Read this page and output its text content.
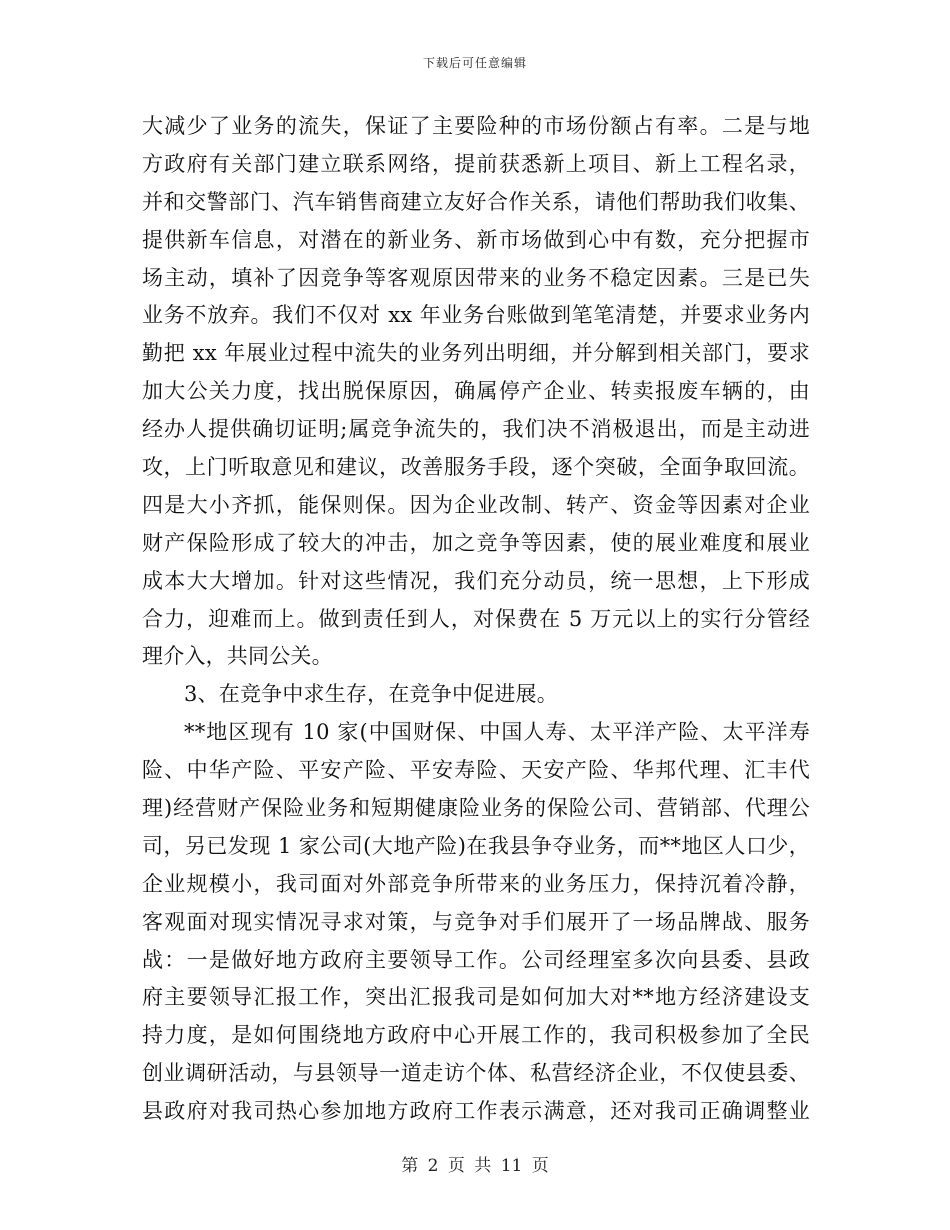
下载后可任意编辑
大减少了业务的流失，保证了主要险种的市场份额占有率。二是与地
方政府有关部门建立联系网络，提前获悉新上项目、新上工程名录，
并和交警部门、汽车销售商建立友好合作关系，请他们帮助我们收集、
提供新车信息，对潜在的新业务、新市场做到心中有数，充分把握市
场主动，填补了因竞争等客观原因带来的业务不稳定因素。三是已失
业务不放弃。我们不仅对 xx 年业务台账做到笔笔清楚，并要求业务内
勤把 xx 年展业过程中流失的业务列出明细，并分解到相关部门，要求
加大公关力度，找出脱保原因，确属停产企业、转卖报废车辆的，由
经办人提供确切证明;属竞争流失的，我们决不消极退出，而是主动进
攻，上门听取意见和建议，改善服务手段，逐个突破，全面争取回流。
四是大小齐抓，能保则保。因为企业改制、转产、资金等因素对企业
财产保险形成了较大的冲击，加之竞争等因素，使的展业难度和展业
成本大大增加。针对这些情况，我们充分动员，统一思想，上下形成
合力，迎难而上。做到责任到人，对保费在 5 万元以上的实行分管经
理介入，共同公关。
3、在竞争中求生存，在竞争中促进展。
**地区现有 10 家(中国财保、中国人寿、太平洋产险、太平洋寿
险、中华产险、平安产险、平安寿险、天安产险、华邦代理、汇丰代
理)经营财产保险业务和短期健康险业务的保险公司、营销部、代理公
司，另已发现 1 家公司(大地产险)在我县争夺业务，而**地区人口少，
企业规模小，我司面对外部竞争所带来的业务压力，保持沉着冷静，
客观面对现实情况寻求对策，与竞争对手们展开了一场品牌战、服务
战：一是做好地方政府主要领导工作。公司经理室多次向县委、县政
府主要领导汇报工作，突出汇报我司是如何加大对**地方经济建设支
持力度，是如何围绕地方政府中心开展工作的，我司积极参加了全民
创业调研活动，与县领导一道走访个体、私营经济企业，不仅使县委、
县政府对我司热心参加地方政府工作表示满意，还对我司正确调整业
第 2 页 共 11 页
